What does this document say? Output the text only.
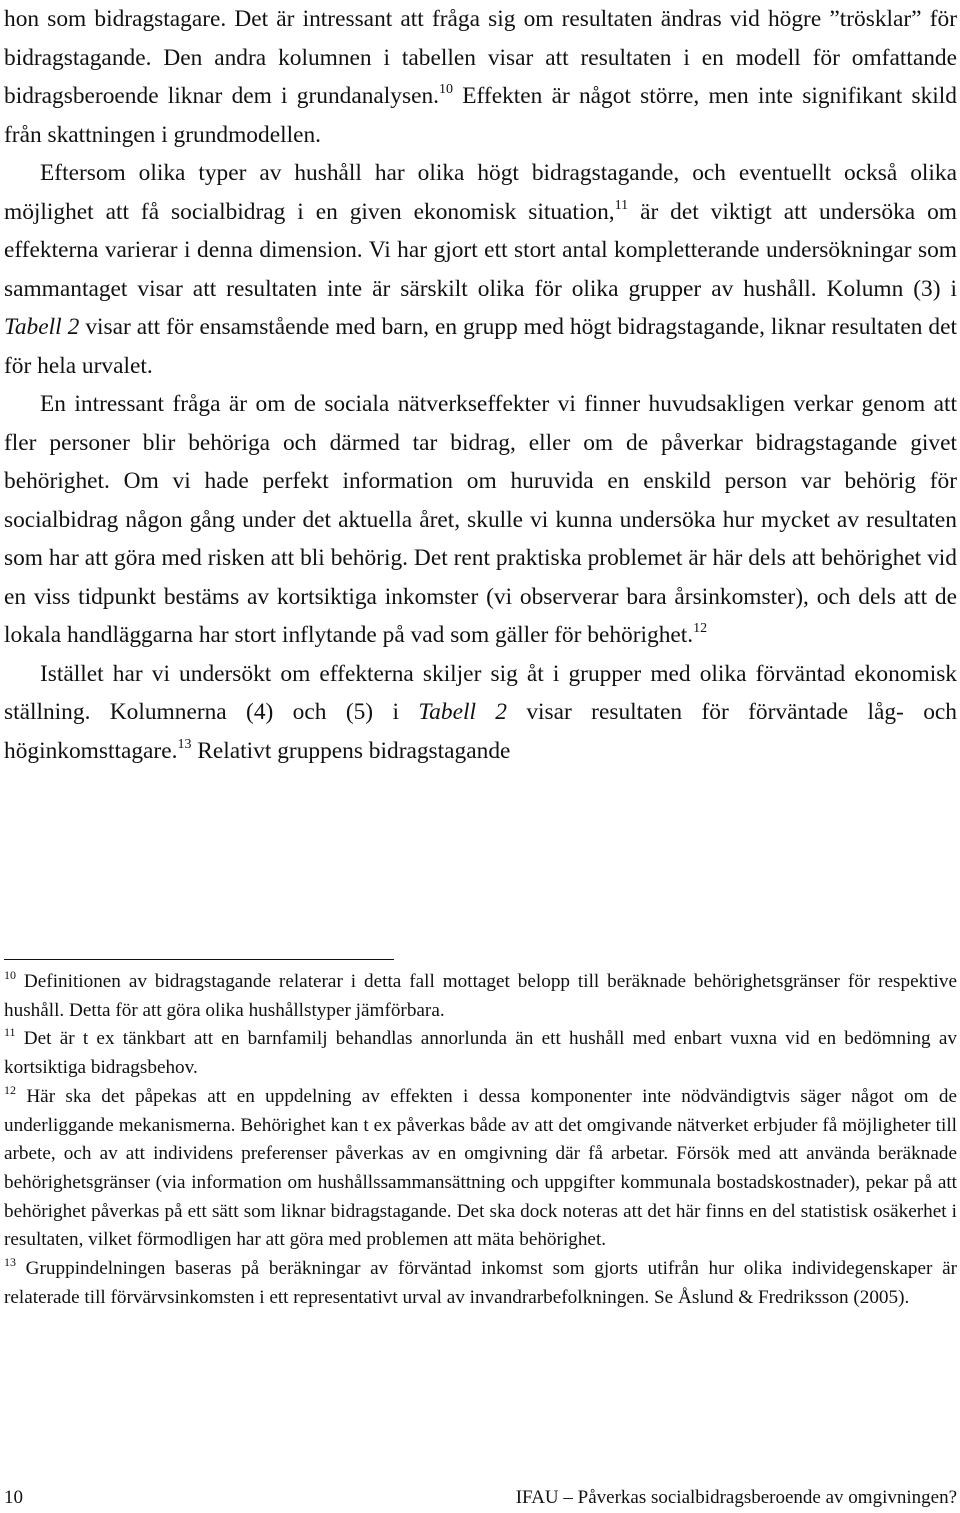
hon som bidragstagare. Det är intressant att fråga sig om resultaten ändras vid högre ”trösklar” för bidragstagande. Den andra kolumnen i tabellen visar att resultaten i en modell för omfattande bidragsberoende liknar dem i grundanalysen.$^{10}$ Effekten är något större, men inte signifikant skild från skattningen i grundmodellen.

Eftersom olika typer av hushåll har olika högt bidragstagande, och eventuellt också olika möjlighet att få socialbidrag i en given ekonomisk situation,$^{11}$ är det viktigt att undersöka om effekterna varierar i denna dimension. Vi har gjort ett stort antal kompletterande undersökningar som sammantaget visar att resultaten inte är särskilt olika för olika grupper av hushåll. Kolumn (3) i Tabell 2 visar att för ensamstående med barn, en grupp med högt bidragstagande, liknar resultaten det för hela urvalet.

En intressant fråga är om de sociala nätverkseffekter vi finner huvudsakligen verkar genom att fler personer blir behöriga och därmed tar bidrag, eller om de påverkar bidragstagande givet behörighet. Om vi hade perfekt information om huruvida en enskild person var behörig för socialbidrag någon gång under det aktuella året, skulle vi kunna undersöka hur mycket av resultaten som har att göra med risken att bli behörig. Det rent praktiska problemet är här dels att behörighet vid en viss tidpunkt bestäms av kortsiktiga inkomster (vi observerar bara årsinkomster), och dels att de lokala handläggarna har stort inflytande på vad som gäller för behörighet.$^{12}$

Istället har vi undersökt om effekterna skiljer sig åt i grupper med olika förväntad ekonomisk ställning. Kolumnerna (4) och (5) i Tabell 2 visar resultaten för förväntade låg- och höginkomsttagare.$^{13}$ Relativt gruppens bidragstagande

$^{10}$ Definitionen av bidragstagande relaterar i detta fall mottaget belopp till beräknade behörighetsgränser för respektive hushåll. Detta för att göra olika hushållstyper jämförbara.

$^{11}$ Det är t ex tänkbart att en barnfamilj behandlas annorlunda än ett hushåll med enbart vuxna vid en bedömning av kortsiktiga bidragsbehov.

$^{12}$ Här ska det påpekas att en uppdelning av effekten i dessa komponenter inte nödvändigtvis säger något om de underliggande mekanismerna. Behörighet kan t ex påverkas både av att det omgivande nätverket erbjuder få möjligheter till arbete, och av att individens preferenser påverkas av en omgivning där få arbetar. Försök med att använda beräknade behörighetsgränser (via information om hushållssammansättning och uppgifter kommunala bostadskostnader), pekar på att behörighet påverkas på ett sätt som liknar bidragstagande. Det ska dock noteras att det här finns en del statistisk osäkerhet i resultaten, vilket förmodligen har att göra med problemen att mäta behörighet.

$^{13}$ Gruppindelningen baseras på beräkningar av förväntad inkomst som gjorts utifrån hur olika individegenskaper är relaterade till förvärvsinkomsten i ett representativt urval av invandrarbefolkningen. Se Åslund & Fredriksson (2005).

10	IFAU – Påverkas socialbidragsberoende av omgivningen?
